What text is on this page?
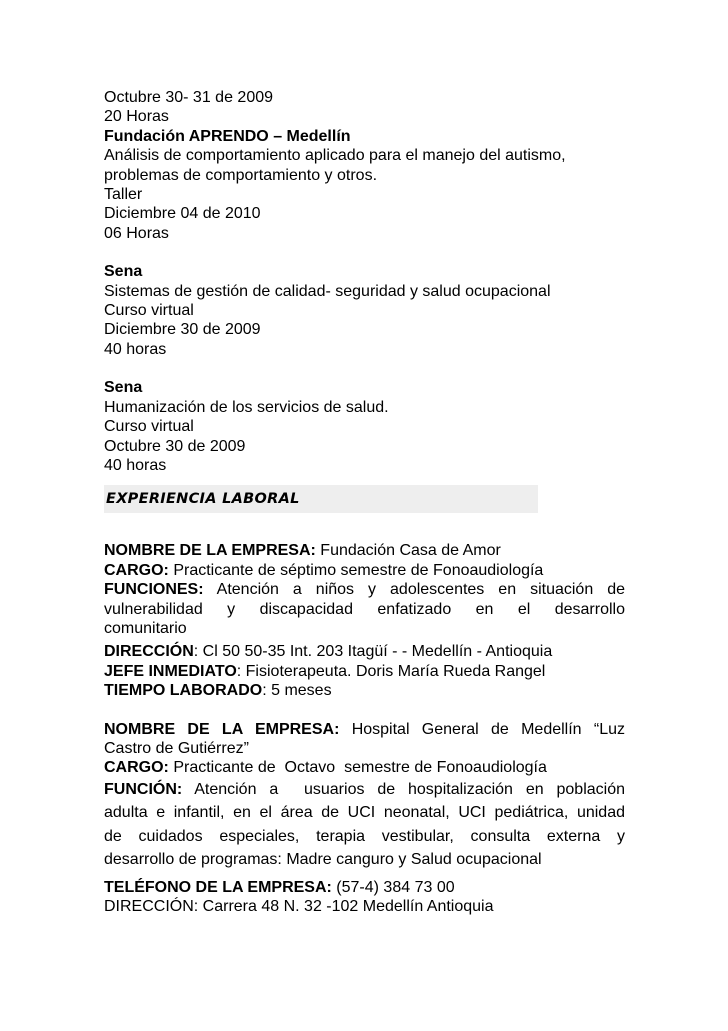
Octubre 30- 31 de 2009
20 Horas
Fundación APRENDO – Medellín
Análisis de comportamiento aplicado para el manejo del autismo,
problemas de comportamiento y otros.
Taller
Diciembre 04 de 2010
06 Horas
Sena
Sistemas de gestión de calidad- seguridad y salud ocupacional
Curso virtual
Diciembre 30 de 2009
40 horas
Sena
Humanización de los servicios de salud.
Curso virtual
Octubre 30 de 2009
40 horas
EXPERIENCIA LABORAL
NOMBRE DE LA EMPRESA: Fundación Casa de Amor
CARGO: Practicante de séptimo semestre de Fonoaudiología
FUNCIONES: Atención a niños y adolescentes en situación de
vulnerabilidad y discapacidad enfatizado en el desarrollo
comunitario
DIRECCIÓN: Cl 50 50-35 Int. 203 Itagüí - - Medellín - Antioquia
JEFE INMEDIATO: Fisioterapeuta. Doris María Rueda Rangel
TIEMPO LABORADO: 5 meses
NOMBRE DE LA EMPRESA: Hospital General de Medellín “Luz
Castro de Gutiérrez”
CARGO: Practicante de  Octavo  semestre de Fonoaudiología
FUNCIÓN: Atención a  usuarios de hospitalización en población
adulta e infantil, en el área de UCI neonatal, UCI pediátrica, unidad
de cuidados especiales, terapia vestibular, consulta externa y
desarrollo de programas: Madre canguro y Salud ocupacional
TELÉFONO DE LA EMPRESA: (57-4) 384 73 00
DIRECCIÓN: Carrera 48 N. 32 -102 Medellín Antioquia
